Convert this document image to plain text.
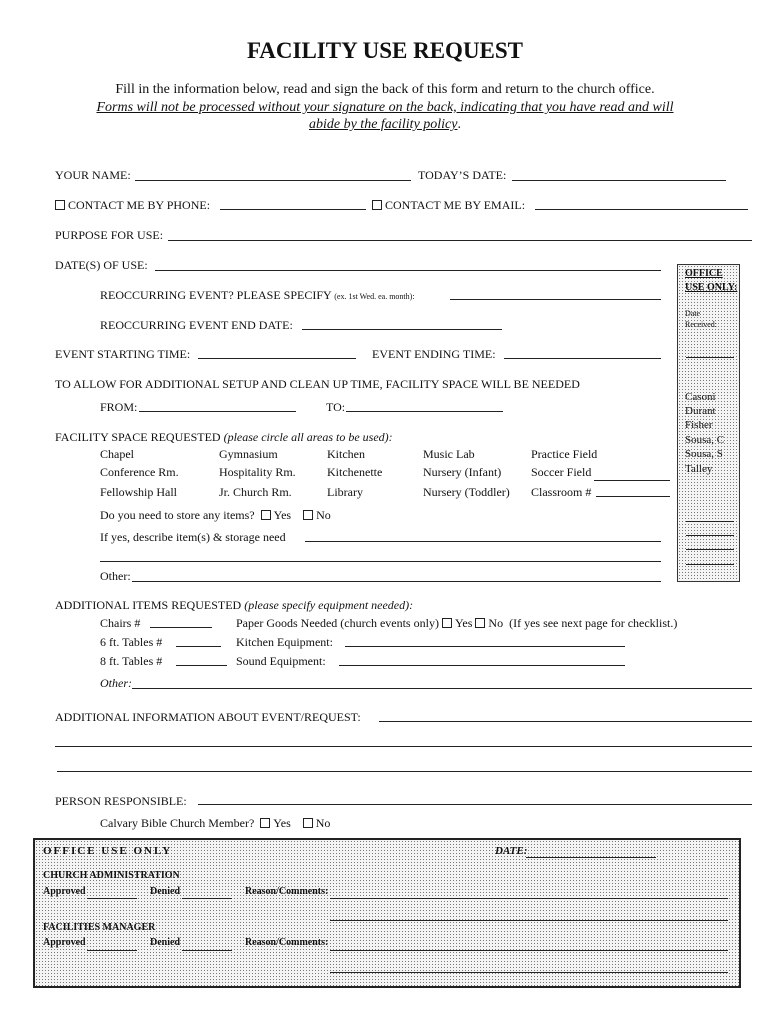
FACILITY USE REQUEST
Fill in the information below, read and sign the back of this form and return to the church office.
Forms will not be processed without your signature on the back, indicating that you have read and will
abide by the facility policy.
YOUR NAME:	TODAY’S DATE:
CONTACT ME BY PHONE:	CONTACT ME BY EMAIL:
PURPOSE FOR USE:
DATE(S) OF USE:
REOCCURRING EVENT? PLEASE SPECIFY (ex. 1st Wed. ea. month):
REOCCURRING EVENT END DATE:
EVENT STARTING TIME:	EVENT ENDING TIME:
TO ALLOW FOR ADDITIONAL SETUP AND CLEAN UP TIME, FACILITY SPACE WILL BE NEEDED
FROM:	TO:
FACILITY SPACE REQUESTED (please circle all areas to be used):
Chapel	Gymnasium	Kitchen	Music Lab	Practice Field
Conference Rm.	Hospitality Rm.	Kitchenette	Nursery (Infant) Soccer Field
Fellowship Hall	Jr. Church Rm.	Library	Nursery (Toddler) Classroom #
Do you need to store any items? Yes No
If yes, describe item(s) & storage need
Other:
OFFICE
USE ONLY:
Date
Received:
Casoni
Durant
Fisher
Sousa, C
Sousa, S
Talley
ADDITIONAL ITEMS REQUESTED (please specify equipment needed):
Chairs #	Paper Goods Needed (church events only) Yes No (If yes see next page for checklist.)
6 ft. Tables #	Kitchen Equipment:
8 ft. Tables #	Sound Equipment:
Other:
ADDITIONAL INFORMATION ABOUT EVENT/REQUEST:
PERSON RESPONSIBLE:
Calvary Bible Church Member? Yes No
OFFICE USE ONLY	DATE:
CHURCH ADMINISTRATION
Approved	Denied	Reason/Comments:
FACILITIES MANAGER
Approved	Denied	Reason/Comments:
